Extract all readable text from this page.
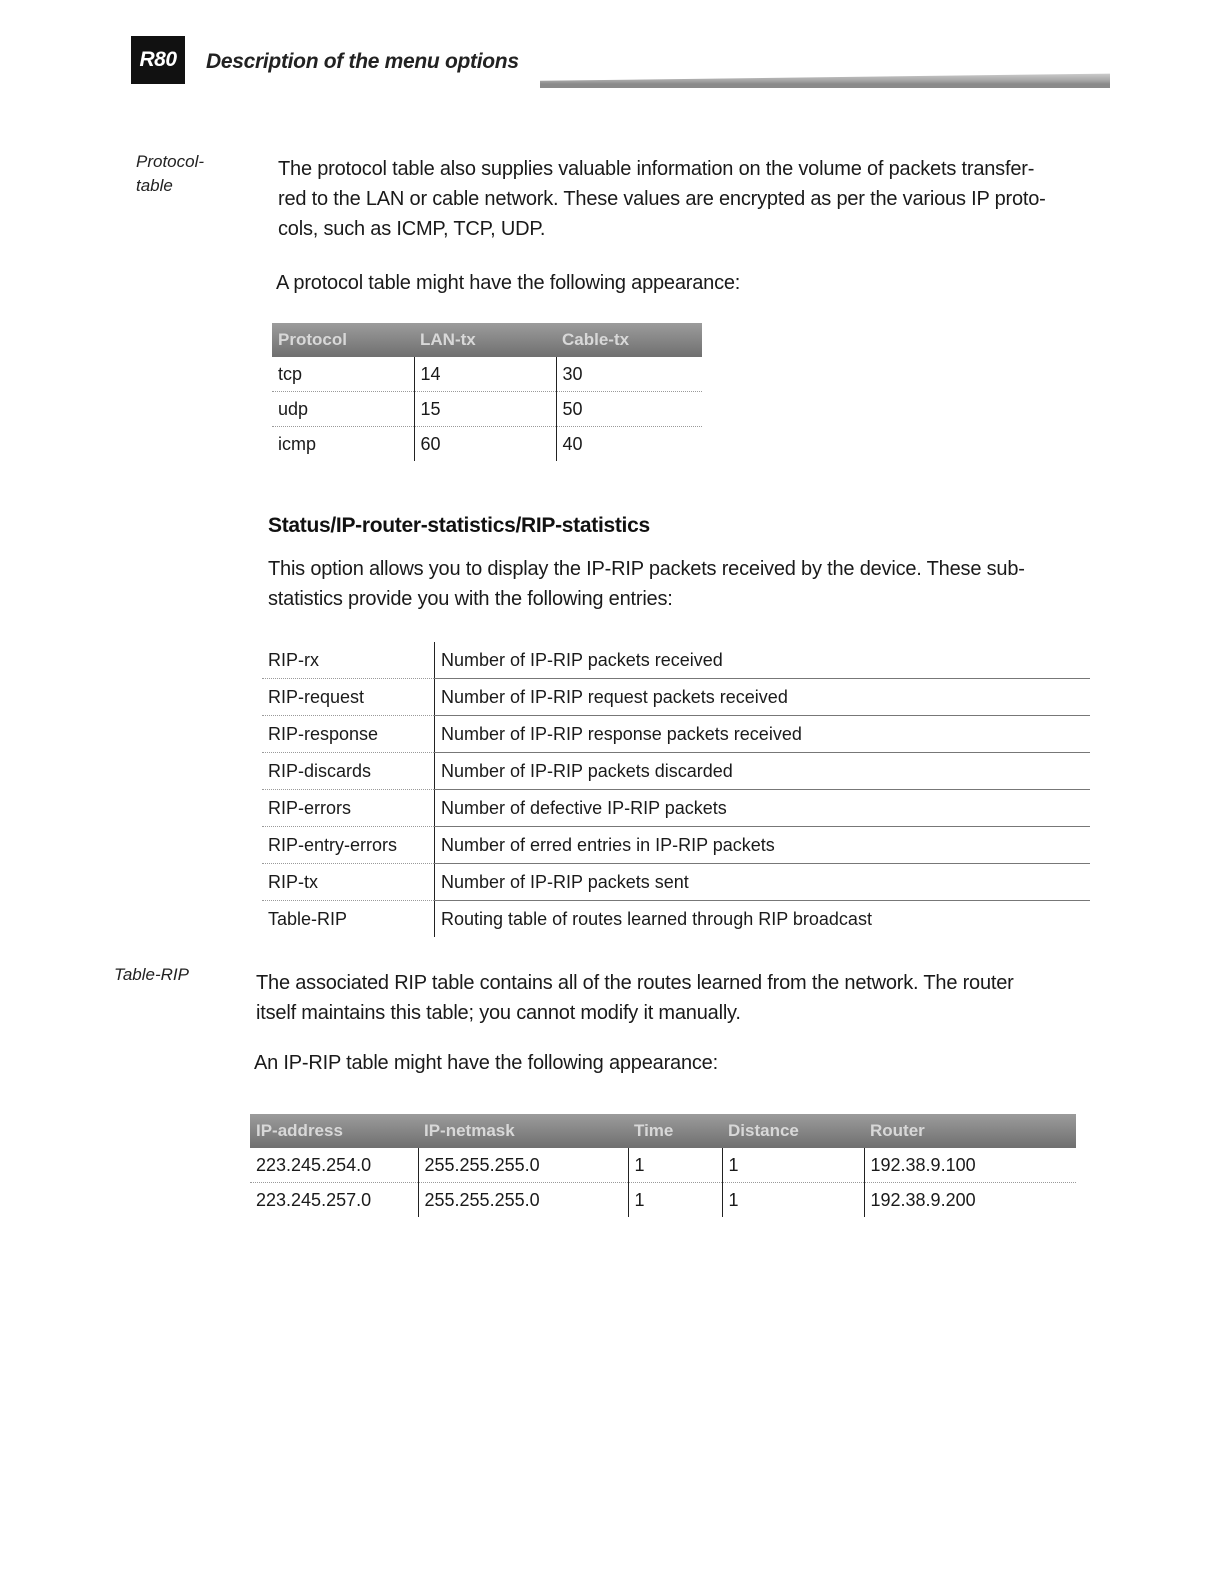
R80 Description of the menu options
Protocol-
table
The protocol table also supplies valuable information on the volume of packets transfer-
red to the LAN or cable network. These values are encrypted as per the various IP proto-
cols, such as ICMP, TCP, UDP.
A protocol table might have the following appearance:
Protocol	LAN-tx	Cable-tx
tcp	14	30
udp	15	50
icmp	60	40
Status/IP-router-statistics/RIP-statistics
This option allows you to display the IP-RIP packets received by the device. These sub-
statistics provide you with the following entries:
RIP-rx	Number of IP-RIP packets received
RIP-request	Number of IP-RIP request packets received
RIP-response	Number of IP-RIP response packets received
RIP-discards	Number of IP-RIP packets discarded
RIP-errors	Number of defective IP-RIP packets
RIP-entry-errors	Number of erred entries in IP-RIP packets
RIP-tx	Number of IP-RIP packets sent
Table-RIP	Routing table of routes learned through RIP broadcast
Table-RIP	The associated RIP table contains all of the routes learned from the network. The router
itself maintains this table; you cannot modify it manually.
An IP-RIP table might have the following appearance:
IP-address	IP-netmask	Time	Distance	Router
223.245.254.0	255.255.255.0	1	1	192.38.9.100
223.245.257.0	255.255.255.0	1	1	192.38.9.200
